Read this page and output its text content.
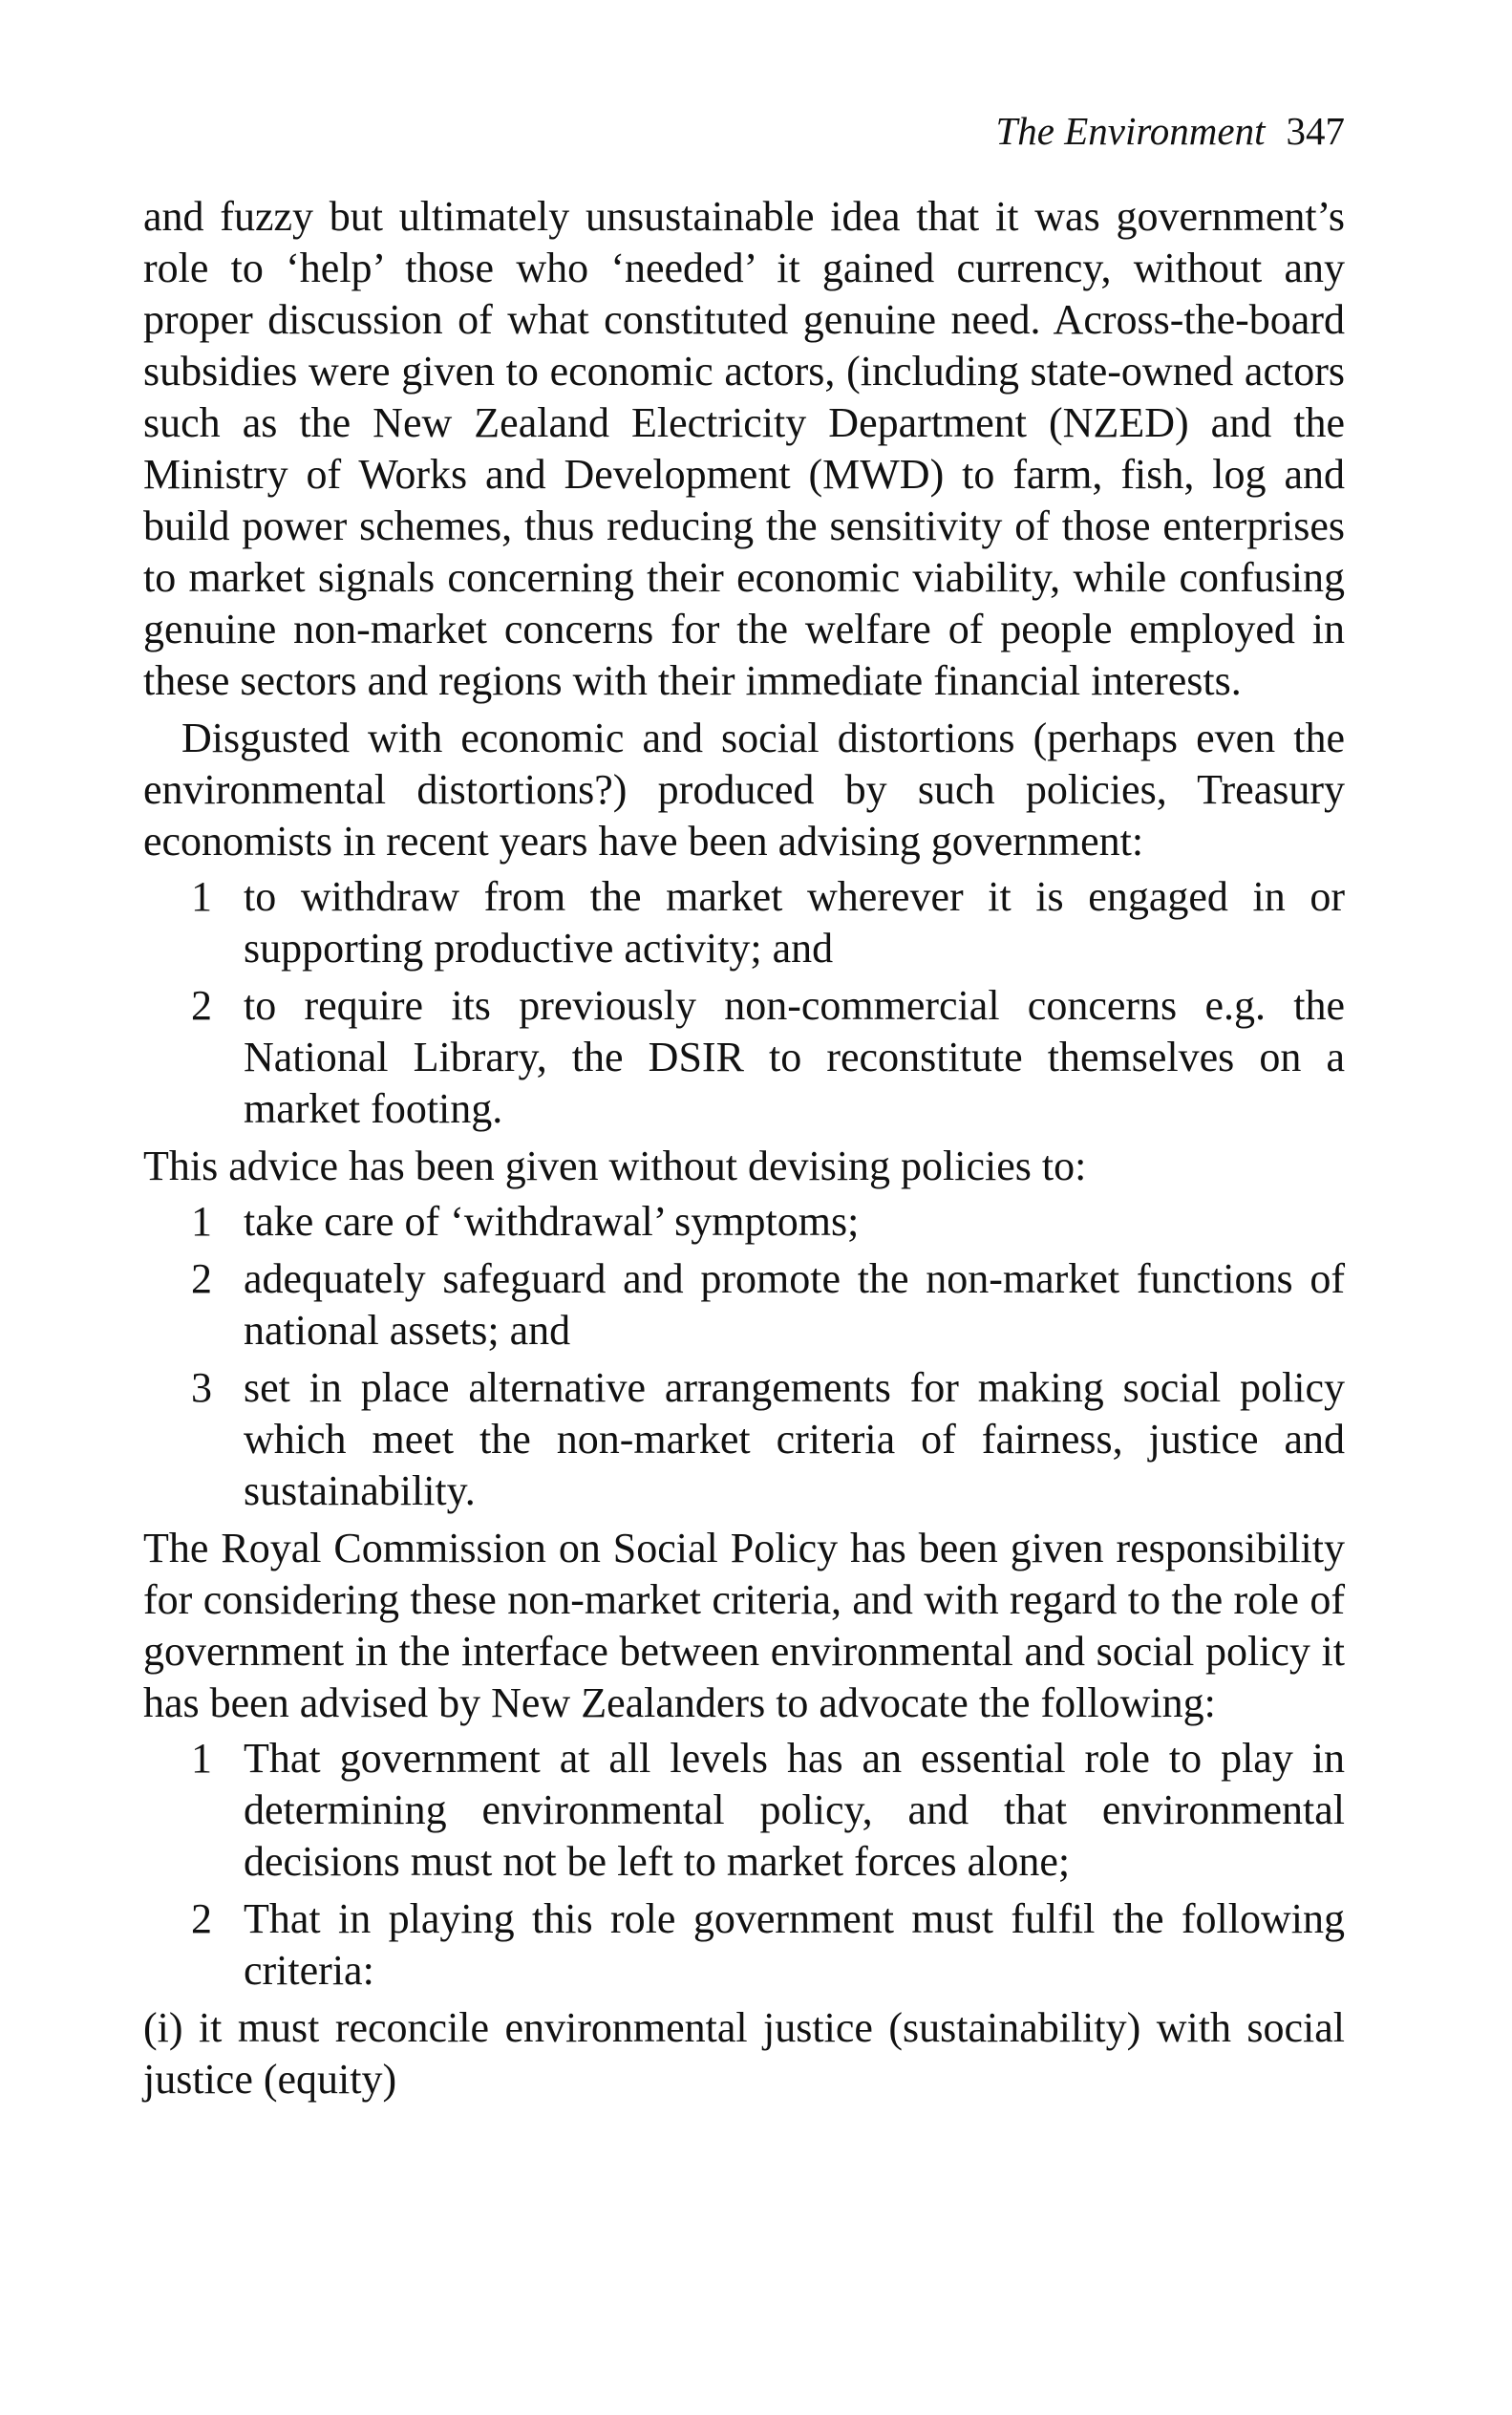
The Environment 347

and fuzzy but ultimately unsustainable idea that it was government’s role to ‘help’ those who ‘needed’ it gained currency, without any proper discussion of what constituted genuine need. Across-the-board subsidies were given to economic actors, (including state-owned actors such as the New Zealand Electricity Department (NZED) and the Ministry of Works and Development (MWD) to farm, fish, log and build power schemes, thus reducing the sensitivity of those enterprises to market signals concerning their economic viability, while confusing genuine non-market concerns for the welfare of people employed in these sectors and regions with their immediate financial interests.

Disgusted with economic and social distortions (perhaps even the environmental distortions?) produced by such policies, Treasury economists in recent years have been advising government:

1 to withdraw from the market wherever it is engaged in or supporting productive activity; and
2 to require its previously non-commercial concerns e.g. the National Library, the DSIR to reconstitute themselves on a market footing.

This advice has been given without devising policies to:

1 take care of ‘withdrawal’ symptoms;
2 adequately safeguard and promote the non-market functions of national assets; and
3 set in place alternative arrangements for making social policy which meet the non-market criteria of fairness, justice and sustainability.

The Royal Commission on Social Policy has been given responsibility for considering these non-market criteria, and with regard to the role of government in the interface between environmental and social policy it has been advised by New Zealanders to advocate the following:

1 That government at all levels has an essential role to play in determining environmental policy, and that environmental decisions must not be left to market forces alone;
2 That in playing this role government must fulfil the following criteria:

(i) it must reconcile environmental justice (sustainability) with social justice (equity)
